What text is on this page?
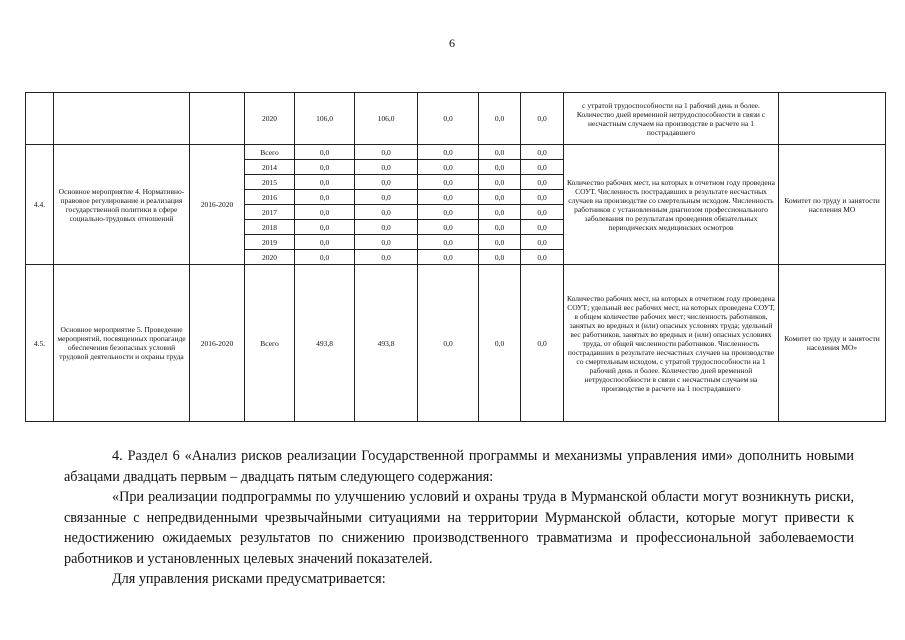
6
			2020	106,0	106,0	0,0	0,0	0,0	с утратой трудоспособности на 1 рабочий день и более. Количество дней временной нетрудоспособности в связи с несчастным случаем на производстве в расчете на 1 пострадавшего	
4.4.	Основное мероприятие 4. Нормативно-правовое регулирование и реализация государственной политики в сфере социально-трудовых отношений	2016-2020	Всего	0,0	0,0	0,0	0,0	0,0	Количество рабочих мест, на которых в отчетном году проведена СОУТ. Численность пострадавших в результате несчастных случаев на производстве со смертельным исходом. Численность работников с установленным диагнозом профессионального заболевания по результатам проведения обязательных периодических медицинских осмотров	Комитет по труду и занятости населения МО
			2014	0,0	0,0	0,0	0,0	0,0		
			2015	0,0	0,0	0,0	0,0	0,0		
			2016	0,0	0,0	0,0	0,0	0,0		
			2017	0,0	0,0	0,0	0,0	0,0		
			2018	0,0	0,0	0,0	0,0	0,0		
			2019	0,0	0,0	0,0	0,0	0,0		
			2020	0,0	0,0	0,0	0,0	0,0		
4.5.	Основное мероприятие 5. Проведение мероприятий, посвященных пропаганде обеспечения безопасных условий трудовой деятельности и охраны труда	2016-2020	Всего	493,8	493,8	0,0	0,0	0,0	Количество рабочих мест, на которых в отчетном году проведена СОУТ; удельный вес рабочих мест, на которых проведена СОУТ, в общем количестве рабочих мест; численность работников, занятых во вредных и (или) опасных условиях труда; удельный вес работников, занятых во вредных и (или) опасных условиях труда, от общей численности работников. Численность пострадавших в результате несчастных случаев на производстве со смертельным исходом, с утратой трудоспособности на 1 рабочий день и более. Количество дней временной нетрудоспособности в связи с несчастным случаем на производстве в расчете на 1 пострадавшего	Комитет по труду и занятости населения МО»

4. Раздел 6 «Анализ рисков реализации Государственной программы и механизмы управления ими» дополнить новыми абзацами двадцать первым – двадцать пятым следующего содержания:

«При реализации подпрограммы по улучшению условий и охраны труда в Мурманской области могут возникнуть риски, связанные с непредвиденными чрезвычайными ситуациями на территории Мурманской области, которые могут привести к недостижению ожидаемых результатов по снижению производственного травматизма и профессиональной заболеваемости работников и установленных целевых значений показателей.

Для управления рисками предусматривается:
